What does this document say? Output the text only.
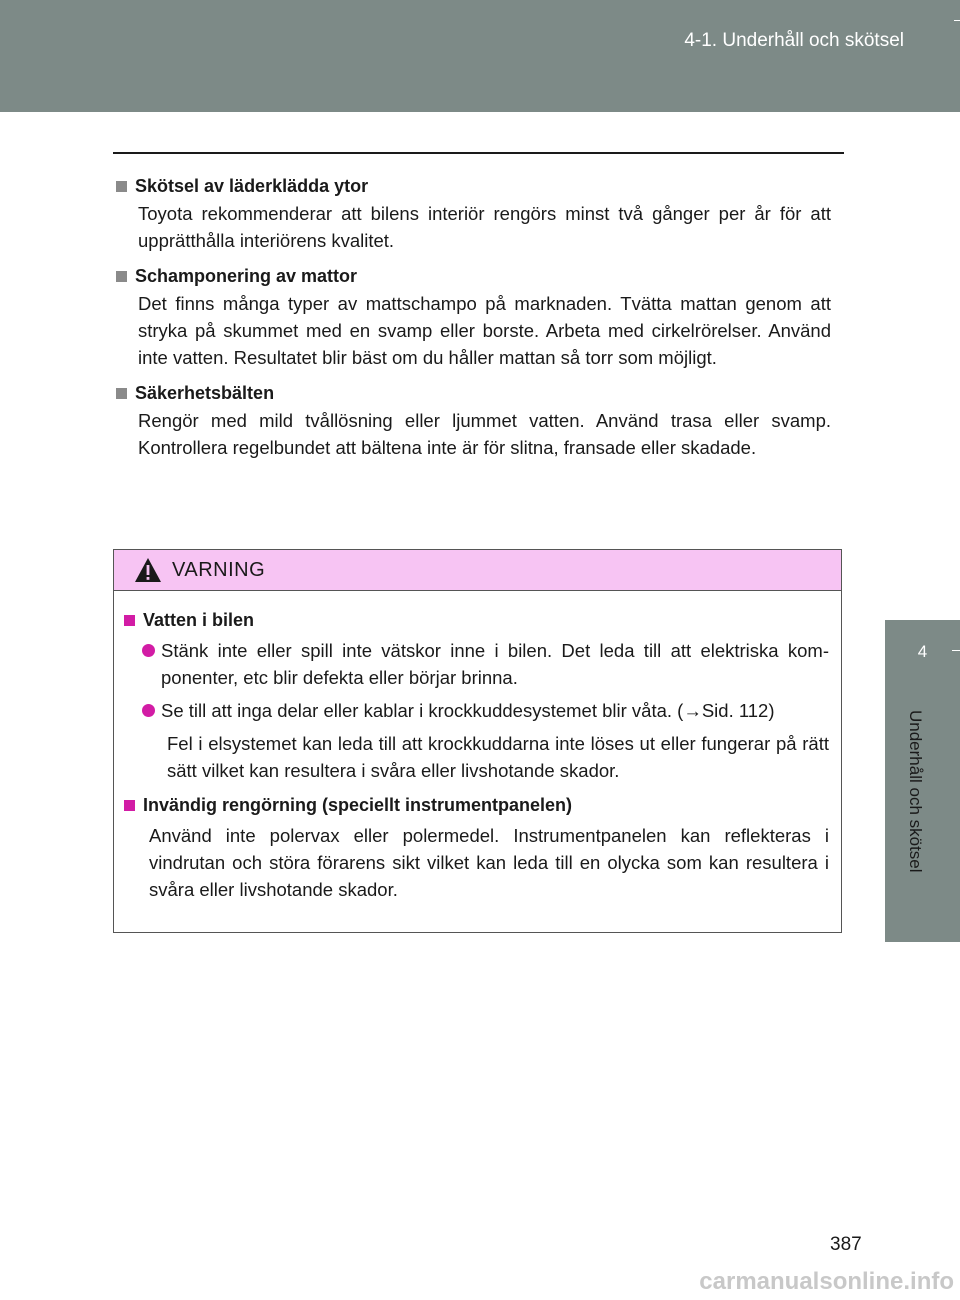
4-1. Underhåll och skötsel
4
Underhåll och skötsel
Skötsel av läderklädda ytor

Toyota rekommenderar att bilens interiör rengörs minst två gånger per år för att upprätthålla interiörens kvalitet.

Schamponering av mattor

Det finns många typer av mattschampo på marknaden. Tvätta mattan genom att stryka på skummet med en svamp eller borste. Arbeta med cirkelrörelser. Använd inte vatten. Resultatet blir bäst om du håller mattan så torr som möjligt.

Säkerhetsbälten

Rengör med mild tvållösning eller ljummet vatten. Använd trasa eller svamp. Kontrollera regelbundet att bältena inte är för slitna, fransade eller skadade.

VARNING
Vatten i bilen
Stänk inte eller spill inte vätskor inne i bilen. Det leda till att elektriska kom-ponenter, etc blir defekta eller börjar brinna.
Se till att inga delar eller kablar i krockkuddesystemet blir våta. (→Sid. 112)

Fel i elsystemet kan leda till att krockkuddarna inte löses ut eller fungerar på rätt sätt vilket kan resultera i svåra eller livshotande skador.

Invändig rengörning (speciellt instrumentpanelen)

Använd inte polervax eller polermedel. Instrumentpanelen kan reflekteras i vindrutan och störa förarens sikt vilket kan leda till en olycka som kan resultera i svåra eller livshotande skador.

387
carmanualsonline.info
